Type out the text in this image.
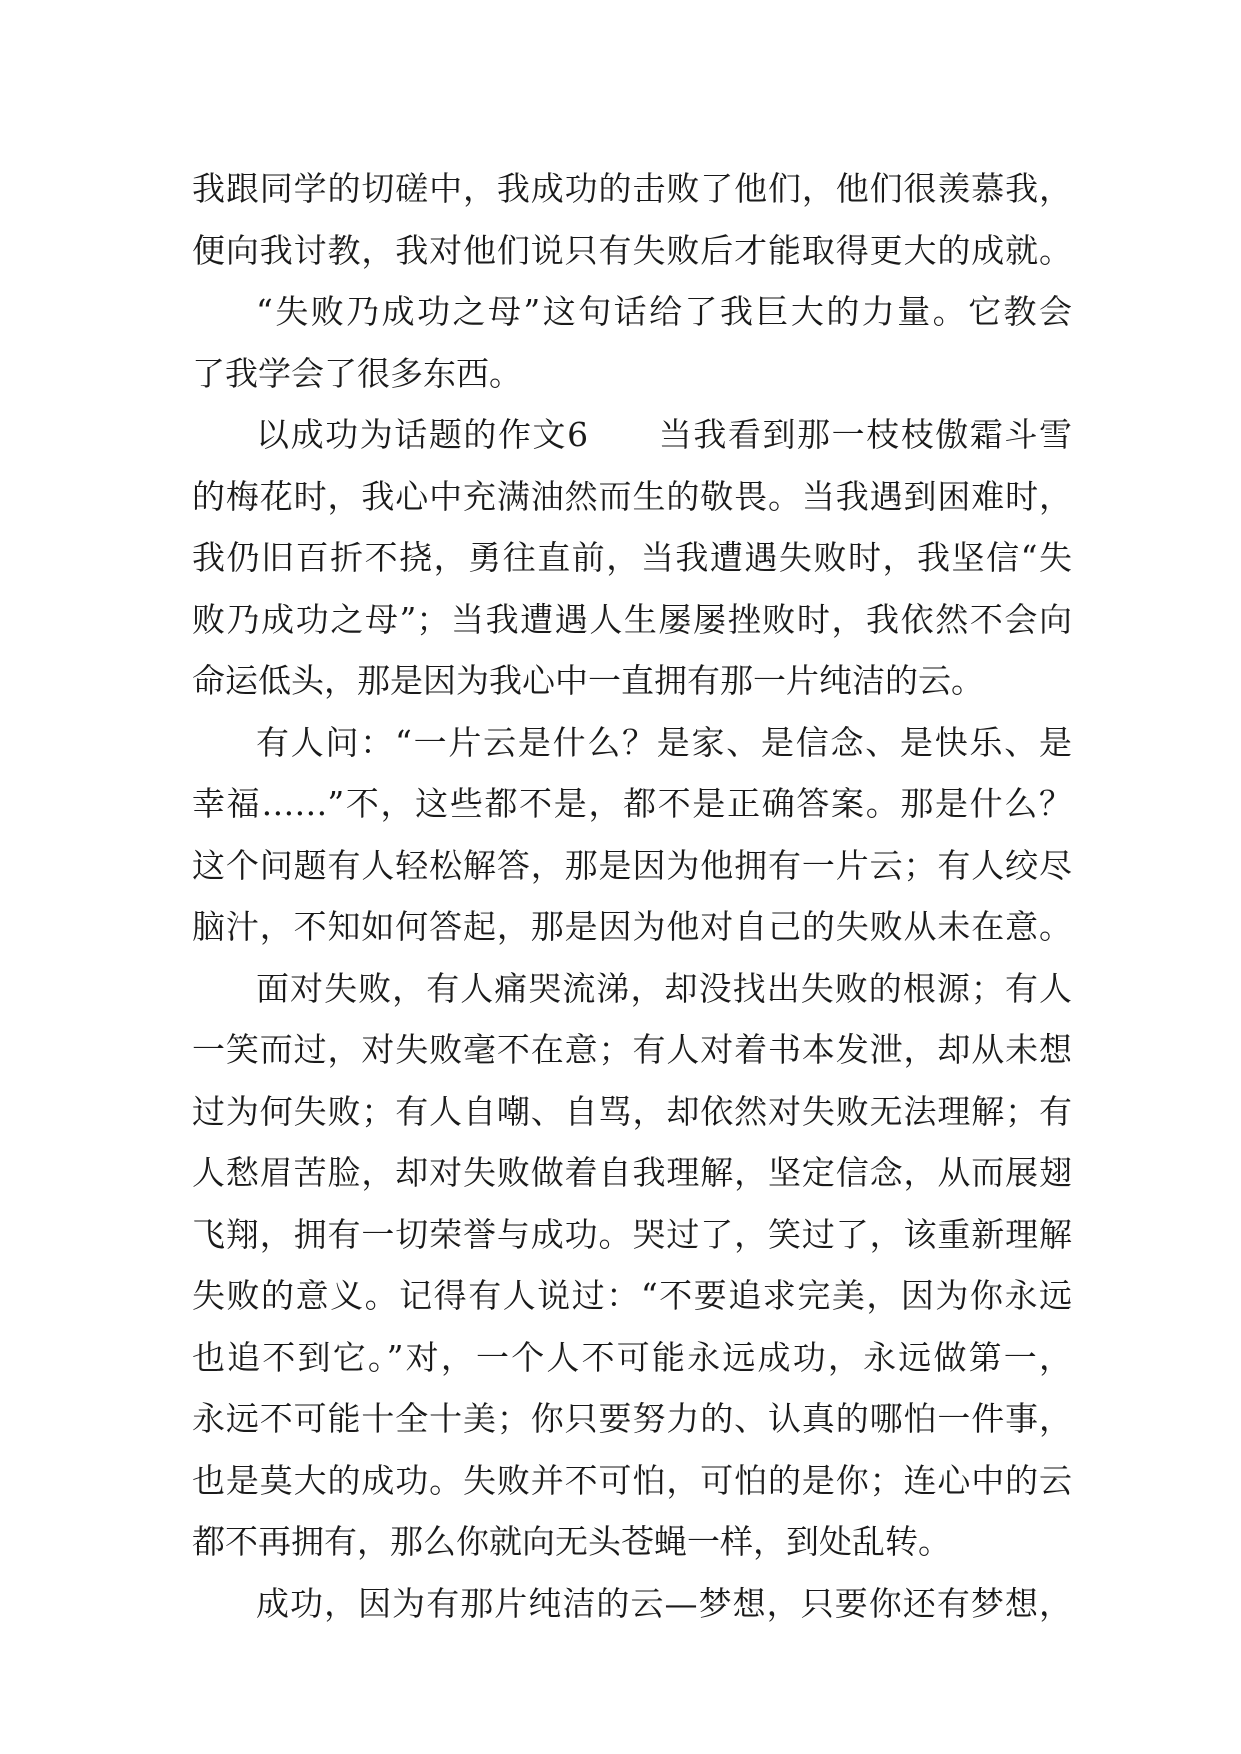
我跟同学的切磋中，我成功的击败了他们，他们很羡慕我，
便向我讨教，我对他们说只有失败后才能取得更大的成就。
“失败乃成功之母”这句话给了我巨大的力量。它教会
了我学会了很多东西。
以成功为话题的作文6　　当我看到那一枝枝傲霜斗雪
的梅花时，我心中充满油然而生的敬畏。当我遇到困难时，
我仍旧百折不挠，勇往直前，当我遭遇失败时，我坚信“失
败乃成功之母”；当我遭遇人生屡屡挫败时，我依然不会向
命运低头，那是因为我心中一直拥有那一片纯洁的云。
有人问：“一片云是什么？是家、是信念、是快乐、是
幸福……”不，这些都不是，都不是正确答案。那是什么？
这个问题有人轻松解答，那是因为他拥有一片云；有人绞尽
脑汁，不知如何答起，那是因为他对自己的失败从未在意。
面对失败，有人痛哭流涕，却没找出失败的根源；有人
一笑而过，对失败毫不在意；有人对着书本发泄，却从未想
过为何失败；有人自嘲、自骂，却依然对失败无法理解；有
人愁眉苦脸，却对失败做着自我理解，坚定信念，从而展翅
飞翔，拥有一切荣誉与成功。哭过了，笑过了，该重新理解
失败的意义。记得有人说过：“不要追求完美，因为你永远
也追不到它。”对，一个人不可能永远成功，永远做第一，
永远不可能十全十美；你只要努力的、认真的哪怕一件事，
也是莫大的成功。失败并不可怕，可怕的是你；连心中的云
都不再拥有，那么你就向无头苍蝇一样，到处乱转。
成功，因为有那片纯洁的云—梦想，只要你还有梦想，
